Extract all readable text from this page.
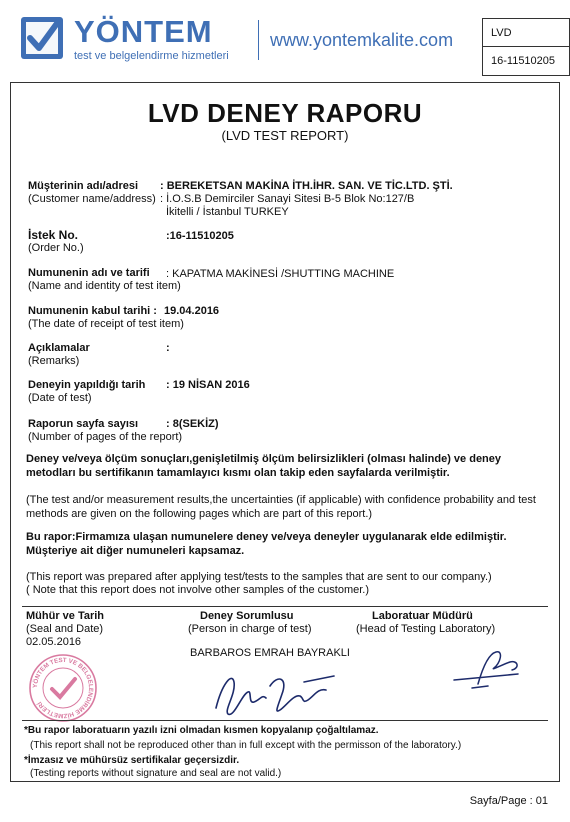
YÖNTEM
test ve belgelendirme hizmetleri
www.yontemkalite.com	LVD
16-11510205
LVD DENEY RAPORU
(LVD TEST REPORT)
Müşterinin adı/adresi
(Customer name/address)
: BEREKETSAN MAKİNA İTH.İHR. SAN. VE TİC.LTD. ŞTİ.
: İ.O.S.B Demirciler Sanayi Sitesi B-5 Blok No:127/B
İkitelli / İstanbul TURKEY
İstek No.
(Order No.)
:16-11510205
Numunenin adı ve tarifi
(Name and identity of test item)
: KAPATMA MAKİNESİ /SHUTTING MACHINE
Numunenin kabul tarihi : 19.04.2016
(The date of receipt of test item)
Açıklamalar
(Remarks)
:
Deneyin yapıldığı tarih
(Date of test)
: 19 NİSAN 2016
Raporun sayfa sayısı
(Number of pages of the report)
: 8(SEKİZ)
Deney ve/veya ölçüm sonuçları,genişletilmiş ölçüm belirsizlikleri (olması halinde) ve deney metodları bu sertifikanın tamamlayıcı kısmı olan takip eden sayfalarda verilmiştir.
(The test and/or measurement results,the uncertainties (if applicable) with confidence probability and test methods are given on the following pages which are part of this report.)
Bu rapor:Firmamıza ulaşan numunelere deney ve/veya deneyler uygulanarak elde edilmiştir. Müşteriye ait diğer numuneleri kapsamaz.
(This report was prepared after applying test/tests to the samples that are sent to our company.)
( Note that this report does not involve other samples of the customer.)
Mühür ve Tarih
(Seal and Date)
02.05.2016
Deney Sorumlusu
(Person in charge of test)
BARBAROS EMRAH BAYRAKLI
Laboratuar Müdürü
(Head of Testing Laboratory)
YÖNTEM TEST VE BELGELENDİRME HİZMETLERİ
*Bu rapor laboratuarın yazılı izni olmadan kısmen kopyalanıp çoğaltılamaz.
(This report shall not be reproduced other than in full except with the permisson of the laboratory.)
*İmzasız ve mühürsüz sertifikalar geçersizdir.
(Testing reports without signature and seal are not valid.)
Sayfa/Page : 01
